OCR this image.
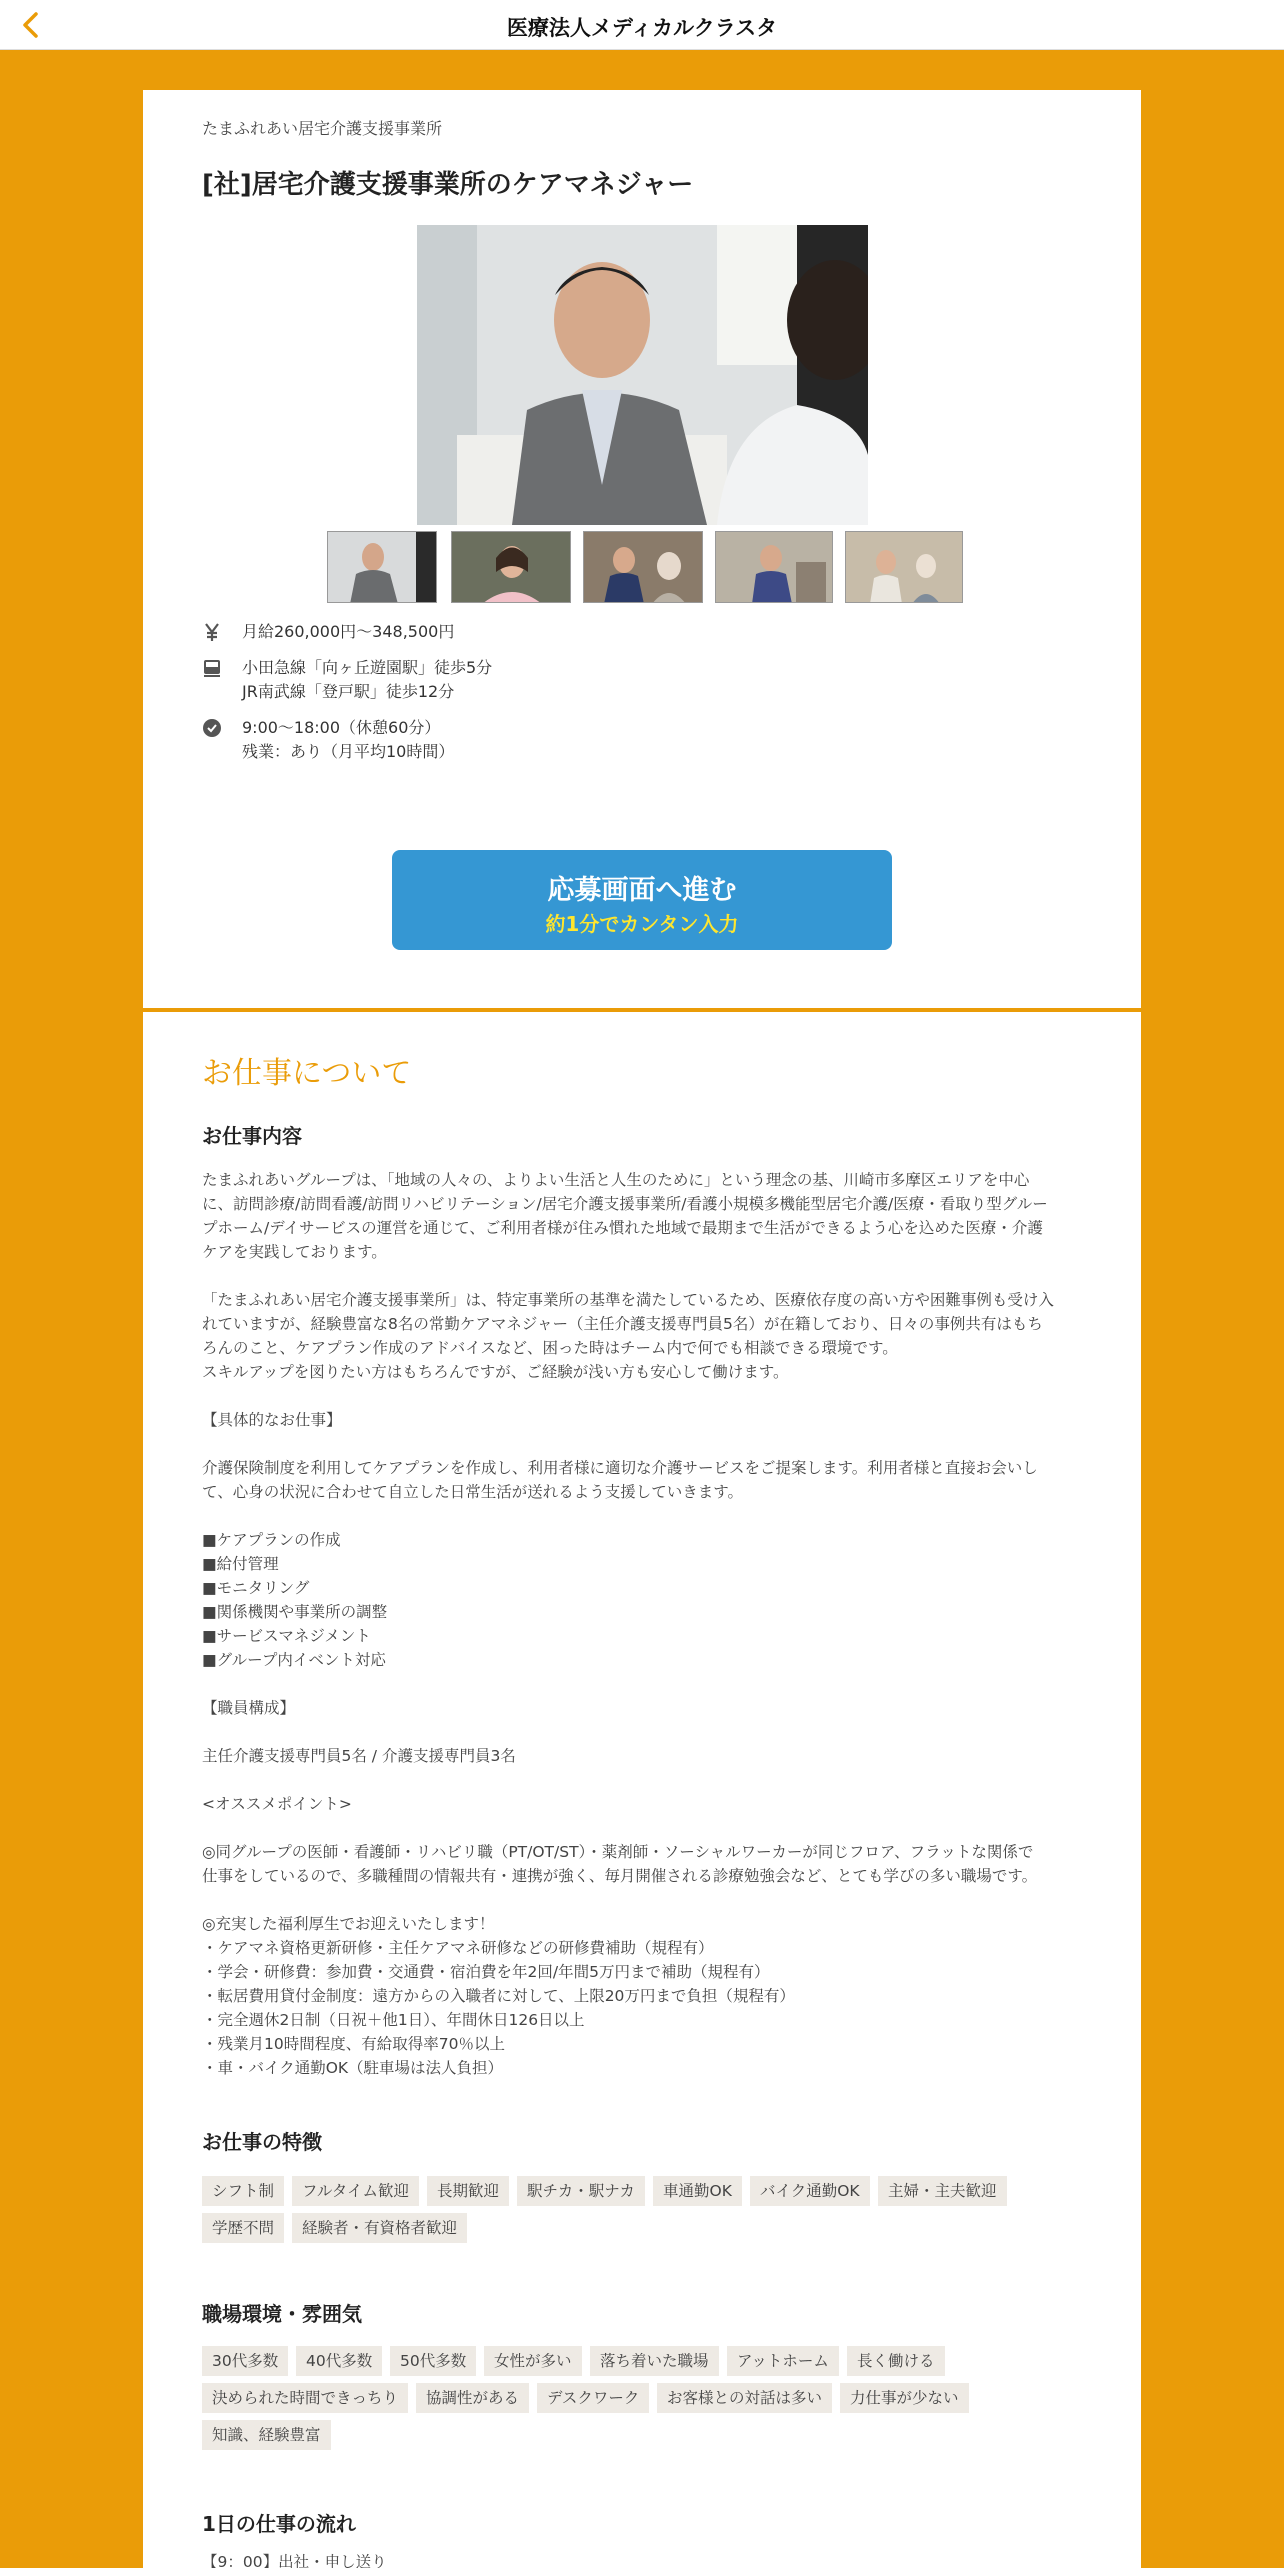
医療法人メディカルクラスタ
たまふれあい居宅介護支援事業所
[社]居宅介護支援事業所のケアマネジャー
月給260,000円〜348,500円
小田急線「向ヶ丘遊園駅」徒歩5分
JR南武線「登戸駅」徒歩12分
9:00～18:00（休憩60分）
残業：あり（月平均10時間）
応募画面へ進む
約1分でカンタン入力
お仕事について
お仕事内容
たまふれあいグループは、「地域の人々の、よりよい生活と人生のために」という理念の基、川崎市多摩区エリアを中心
に、訪問診療/訪問看護/訪問リハビリテーション/居宅介護支援事業所/看護小規模多機能型居宅介護/医療・看取り型グルー
プホーム/デイサービスの運営を通じて、ご利用者様が住み慣れた地域で最期まで生活ができるよう心を込めた医療・介護
ケアを実践しております。

「たまふれあい居宅介護支援事業所」は、特定事業所の基準を満たしているため、医療依存度の高い方や困難事例も受け入
れていますが、経験豊富な8名の常勤ケアマネジャー（主任介護支援専門員5名）が在籍しており、日々の事例共有はもち
ろんのこと、ケアプラン作成のアドバイスなど、困った時はチーム内で何でも相談できる環境です。
スキルアップを図りたい方はもちろんですが、ご経験が浅い方も安心して働けます。

【具体的なお仕事】

介護保険制度を利用してケアプランを作成し、利用者様に適切な介護サービスをご提案します。利用者様と直接お会いし
て、心身の状況に合わせて自立した日常生活が送れるよう支援していきます。

■ケアプランの作成
■給付管理
■モニタリング
■関係機関や事業所の調整
■サービスマネジメント
■グループ内イベント対応

【職員構成】

主任介護支援専門員5名 / 介護支援専門員3名

<オススメポイント>

◎同グループの医師・看護師・リハビリ職（PT/OT/ST）・薬剤師・ソーシャルワーカーが同じフロア、フラットな関係で
仕事をしているので、多職種間の情報共有・連携が強く、毎月開催される診療勉強会など、とても学びの多い職場です。

◎充実した福利厚生でお迎えいたします！
・ケアマネ資格更新研修・主任ケアマネ研修などの研修費補助（規程有）
・学会・研修費：参加費・交通費・宿泊費を年2回/年間5万円まで補助（規程有）
・転居費用貸付金制度：遠方からの入職者に対して、上限20万円まで負担（規程有）
・完全週休2日制（日祝＋他1日）、年間休日126日以上
・残業月10時間程度、有給取得率70％以上
・車・バイク通勤OK（駐車場は法人負担）
お仕事の特徴
シフト制	フルタイム歓迎	長期歓迎	駅チカ・駅ナカ	車通勤OK	バイク通勤OK	主婦・主夫歓迎
学歴不問	経験者・有資格者歓迎
職場環境・雰囲気
30代多数	40代多数	50代多数	女性が多い	落ち着いた職場	アットホーム	長く働ける
決められた時間できっちり	協調性がある	デスクワーク	お客様との対話は多い	力仕事が少ない
知識、経験豊富
1日の仕事の流れ
【9：00】出社・申し送り
